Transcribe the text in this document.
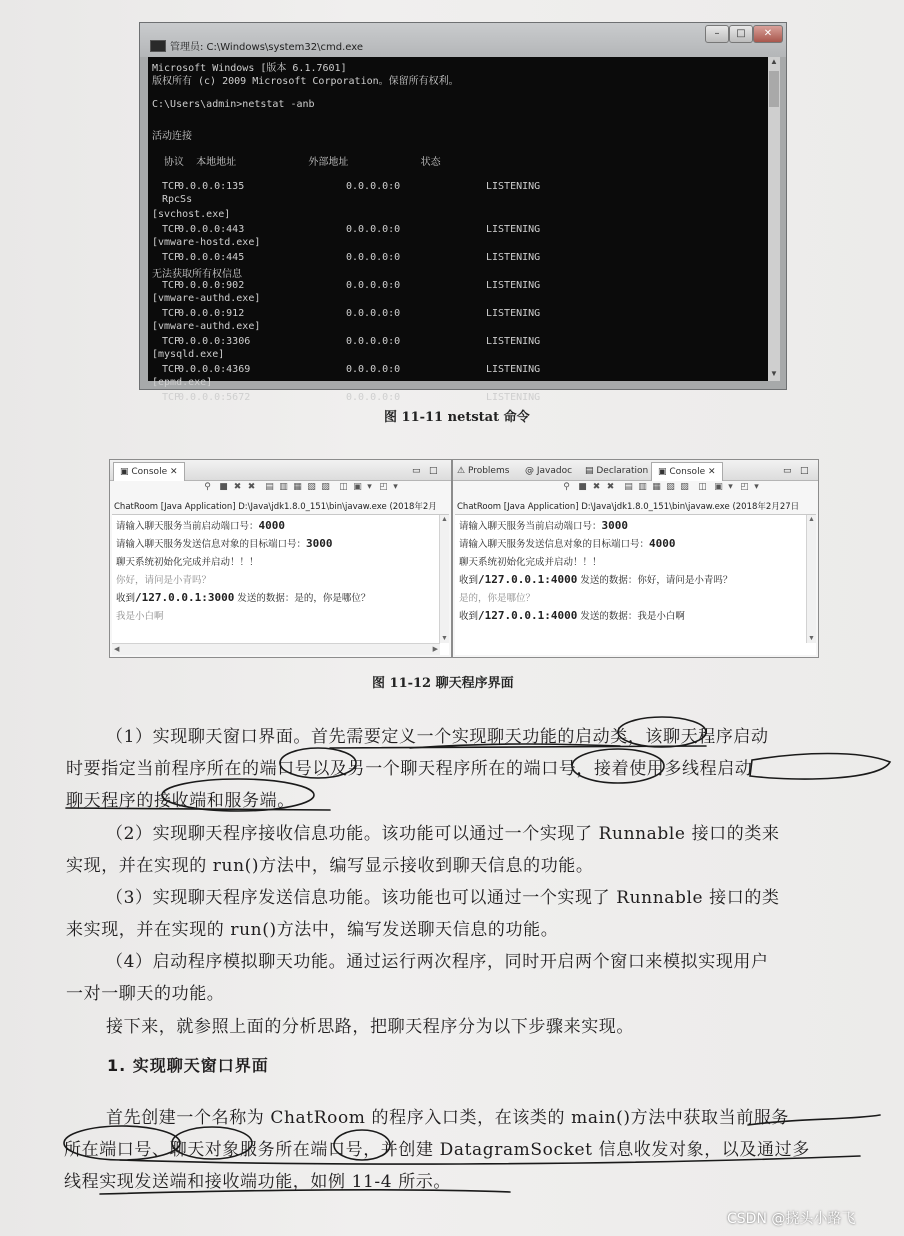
管理员: C:\Windows\system32\cmd.exe
–	□	✕
Microsoft Windows [版本 6.1.7601]
版权所有 (c) 2009 Microsoft Corporation。保留所有权利。
C:\Users\admin>netstat -anb
活动连接
协议  本地地址            外部地址            状态
TCP
0.0.0.0:135	0.0.0.0:0	LISTENING
RpcSs
[svchost.exe]
TCP
0.0.0.0:443	0.0.0.0:0	LISTENING
[vmware-hostd.exe]
TCP
0.0.0.0:445	0.0.0.0:0	LISTENING
无法获取所有权信息
TCP
0.0.0.0:902	0.0.0.0:0	LISTENING
[vmware-authd.exe]
TCP
0.0.0.0:912	0.0.0.0:0	LISTENING
[vmware-authd.exe]
TCP
0.0.0.0:3306	0.0.0.0:0	LISTENING
[mysqld.exe]
TCP
0.0.0.0:4369	0.0.0.0:0	LISTENING
[epmd.exe]
TCP
0.0.0.0:5672	0.0.0.0:0	LISTENING
▲
▼
图 11-11 netstat 命令
▣ Console ✕	▭ □
⚲ ■ ✖ ✖ ▤ ▥ ▦ ▧ ▨ ◫ ▣ ▾ ◰ ▾
ChatRoom [Java Application] D:\Java\jdk1.8.0_151\bin\javaw.exe (2018年2月
▲
▼
◀	▶
请输入聊天服务当前启动端口号：4000
请输入聊天服务发送信息对象的目标端口号：3000
聊天系统初始化完成并启动！！！
你好，请问是小青吗？
收到/127.0.0.1:3000 发送的数据：是的，你是哪位？
我是小白啊
⚠ Problems @ Javadoc ▤ Declaration	▣ Console ✕	▭ □
⚲ ■ ✖ ✖ ▤ ▥ ▦ ▧ ▨ ◫ ▣ ▾ ◰ ▾
ChatRoom [Java Application] D:\Java\jdk1.8.0_151\bin\javaw.exe (2018年2月27日
▲
▼
请输入聊天服务当前启动端口号：3000
请输入聊天服务发送信息对象的目标端口号：4000
聊天系统初始化完成并启动！！！
收到/127.0.0.1:4000 发送的数据：你好，请问是小青吗？
是的，你是哪位？
收到/127.0.0.1:4000 发送的数据：我是小白啊
图 11-12 聊天程序界面
（1）实现聊天窗口界面。首先需要定义一个实现聊天功能的启动类，该聊天程序启动
时要指定当前程序所在的端口号以及另一个聊天程序所在的端口号，接着使用多线程启动
聊天程序的接收端和服务端。
（2）实现聊天程序接收信息功能。该功能可以通过一个实现了 Runnable 接口的类来
实现，并在实现的 run()方法中，编写显示接收到聊天信息的功能。
（3）实现聊天程序发送信息功能。该功能也可以通过一个实现了 Runnable 接口的类
来实现，并在实现的 run()方法中，编写发送聊天信息的功能。
（4）启动程序模拟聊天功能。通过运行两次程序，同时开启两个窗口来模拟实现用户
一对一聊天的功能。
接下来，就参照上面的分析思路，把聊天程序分为以下步骤来实现。
1. 实现聊天窗口界面
首先创建一个名称为 ChatRoom 的程序入口类，在该类的 main()方法中获取当前服务
所在端口号、聊天对象服务所在端口号，并创建 DatagramSocket 信息收发对象，以及通过多
线程实现发送端和接收端功能，如例 11-4 所示。
CSDN @挠头小路飞
